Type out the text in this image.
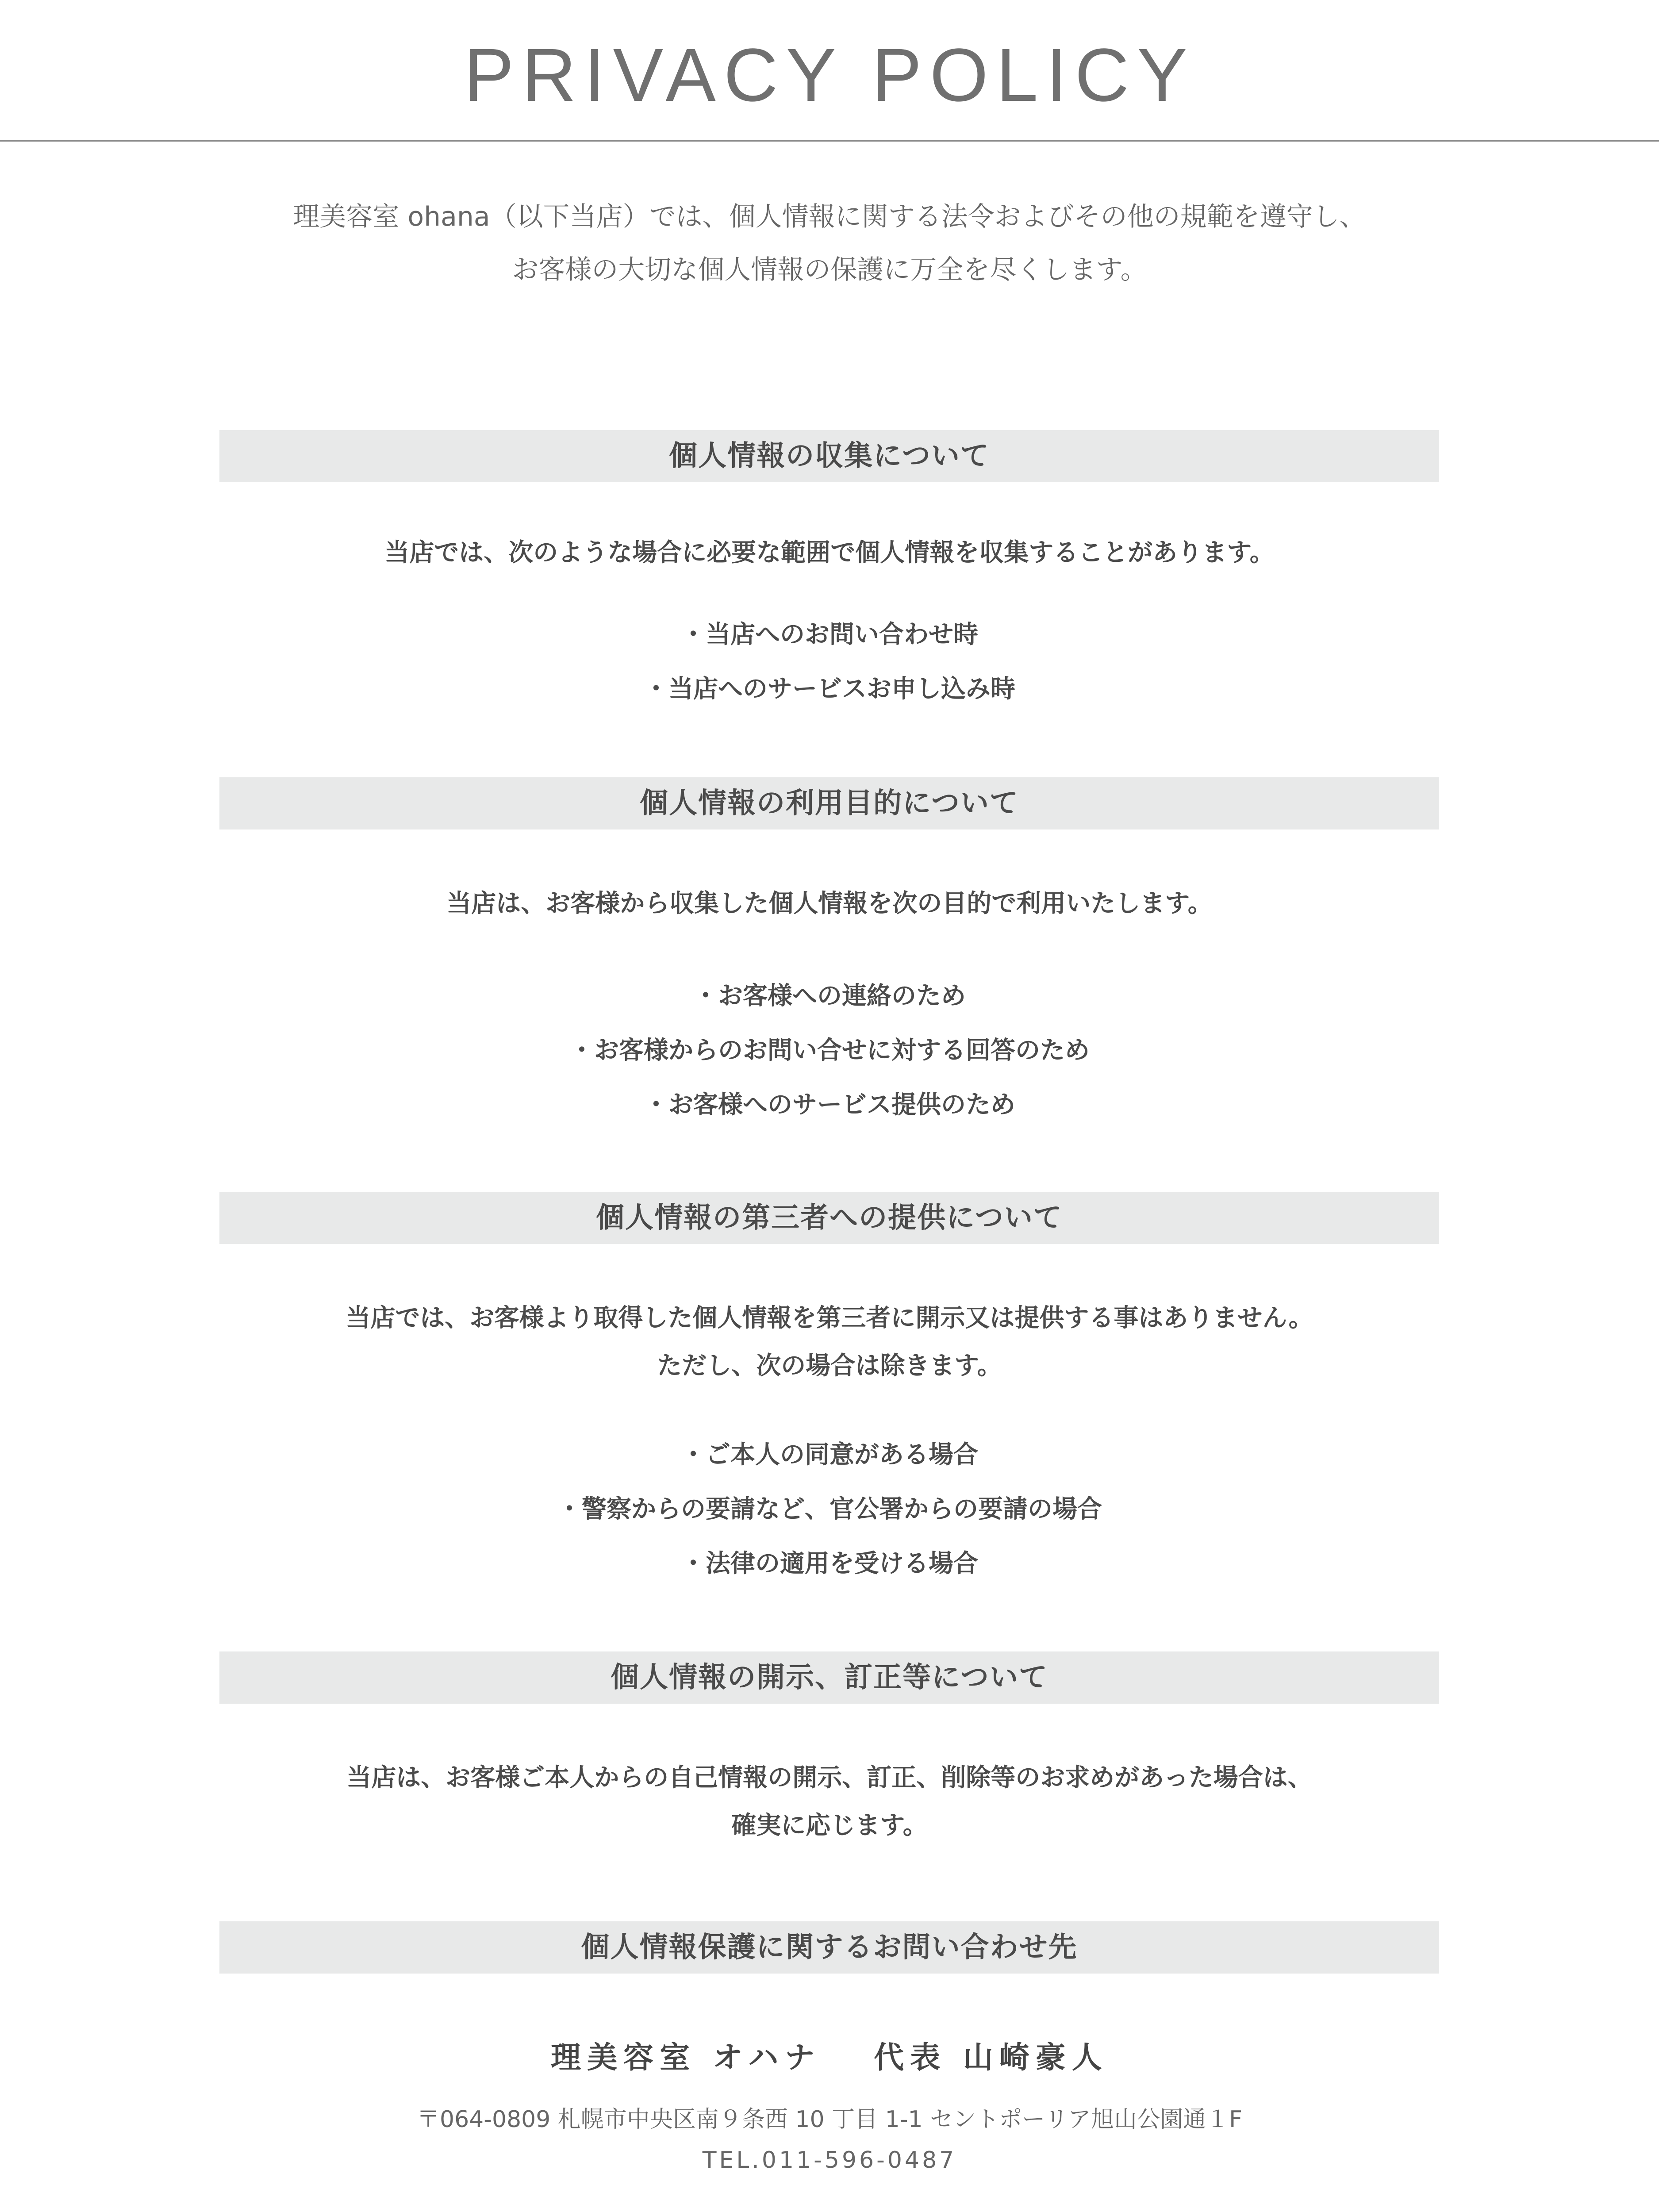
PRIVACY POLICY

理美容室 ohana（以下当店）では、個人情報に関する法令およびその他の規範を遵守し、

お客様の大切な個人情報の保護に万全を尽くします。

個人情報の収集について

当店では、次のような場合に必要な範囲で個人情報を収集することがあります。

・当店へのお問い合わせ時

・当店へのサービスお申し込み時

個人情報の利用目的について

当店は、お客様から収集した個人情報を次の目的で利用いたします。

・お客様への連絡のため

・お客様からのお問い合せに対する回答のため

・お客様へのサービス提供のため

個人情報の第三者への提供について

当店では、お客様より取得した個人情報を第三者に開示又は提供する事はありません。

ただし、次の場合は除きます。

・ご本人の同意がある場合

・警察からの要請など、官公署からの要請の場合

・法律の適用を受ける場合

個人情報の開示、訂正等について

当店は、お客様ご本人からの自己情報の開示、訂正、削除等のお求めがあった場合は、

確実に応じます。

個人情報保護に関するお問い合わせ先
理美容室 オハナ　 代表 山崎豪人

〒064-0809 札幌市中央区南９条西 10 丁目 1-1 セントポーリア旭山公園通１F

TEL.011-596-0487
